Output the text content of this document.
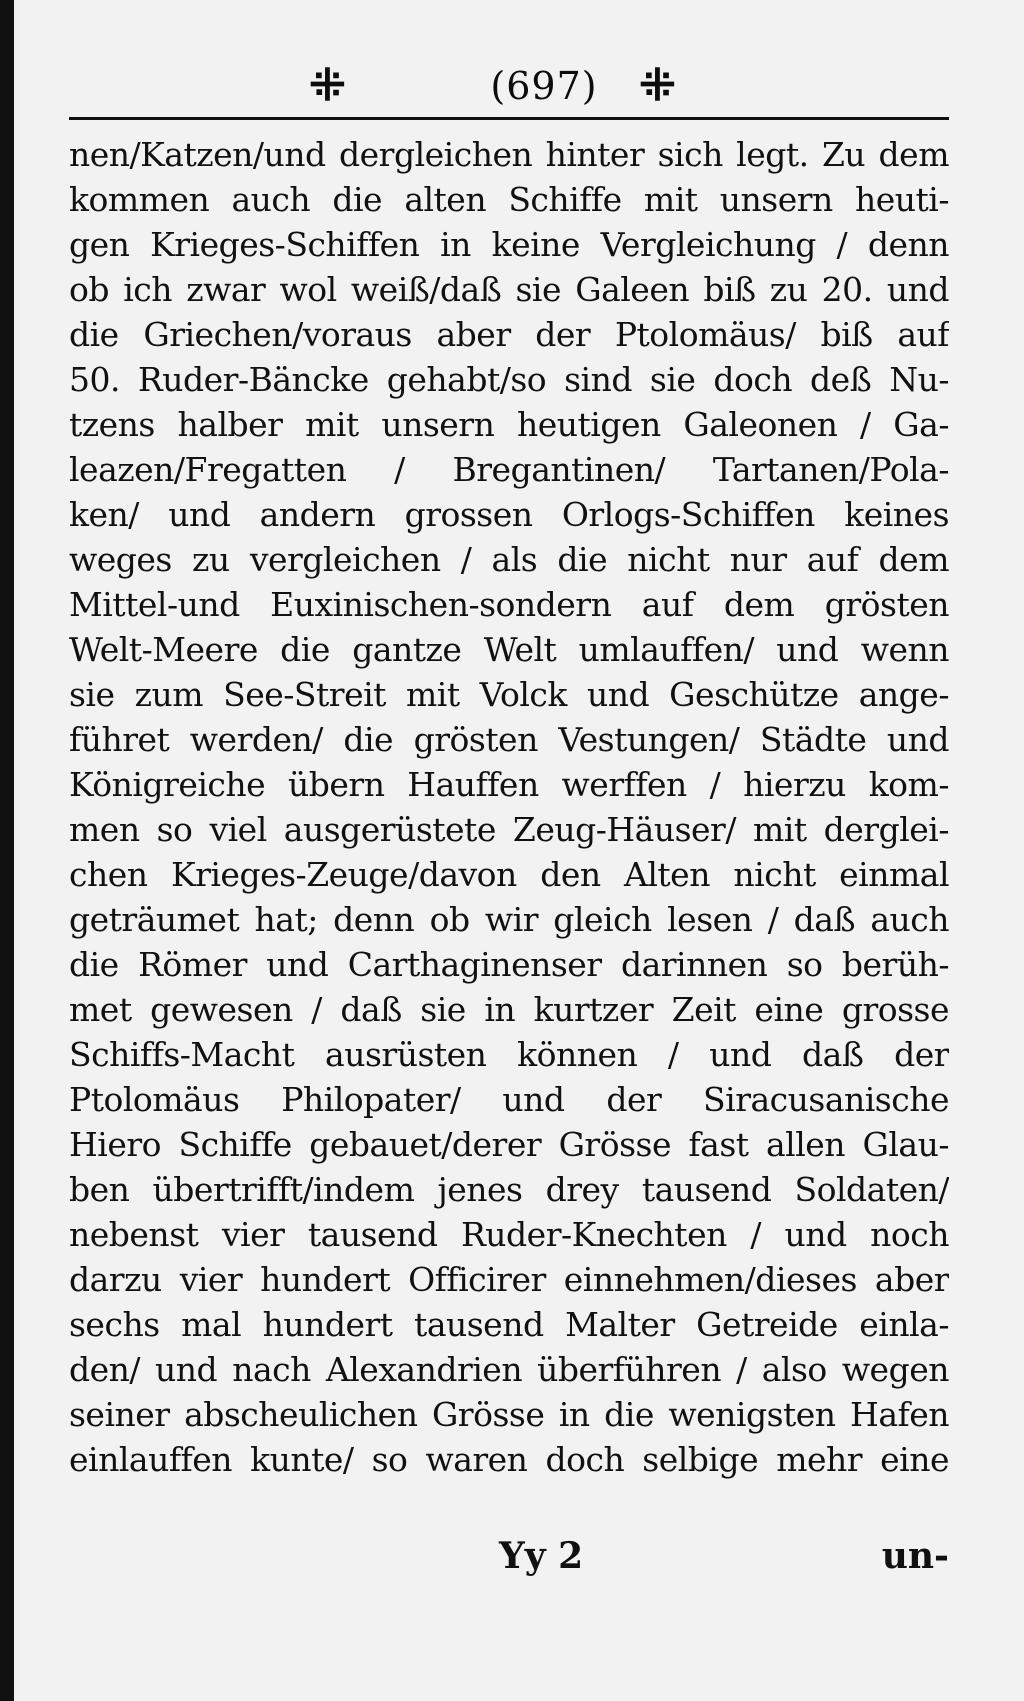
⁜	(697) ⁜
nen/Katzen/und dergleichen hinter sich legt. Zu dem
kommen auch die alten Schiffe mit unsern heuti-
gen Krieges-Schiffen in keine Vergleichung / denn
ob ich zwar wol weiß/daß sie Galeen biß zu 20. und
die Griechen/voraus aber der Ptolomäus/ biß auf
50. Ruder-Bäncke gehabt/so sind sie doch deß Nu-
tzens halber mit unsern heutigen Galeonen / Ga-
leazen/Fregatten / Bregantinen/ Tartanen/Pola-
ken/ und andern grossen Orlogs-Schiffen keines
weges zu vergleichen / als die nicht nur auf dem
Mittel-und Euxinischen-sondern auf dem grösten
Welt-Meere die gantze Welt umlauffen/ und wenn
sie zum See-Streit mit Volck und Geschütze ange-
führet werden/ die grösten Vestungen/ Städte und
Königreiche übern Hauffen werffen / hierzu kom-
men so viel ausgerüstete Zeug-Häuser/ mit derglei-
chen Krieges-Zeuge/davon den Alten nicht einmal
geträumet hat; denn ob wir gleich lesen / daß auch
die Römer und Carthaginenser darinnen so berüh-
met gewesen / daß sie in kurtzer Zeit eine grosse
Schiffs-Macht ausrüsten können / und daß der
Ptolomäus Philopater/ und der Siracusanische
Hiero Schiffe gebauet/derer Grösse fast allen Glau-
ben übertrifft/indem jenes drey tausend Soldaten/
nebenst vier tausend Ruder-Knechten / und noch
darzu vier hundert Officirer einnehmen/dieses aber
sechs mal hundert tausend Malter Getreide einla-
den/ und nach Alexandrien überführen / also wegen
seiner abscheulichen Grösse in die wenigsten Hafen
einlauffen kunte/ so waren doch selbige mehr eine
Yy 2	un-
